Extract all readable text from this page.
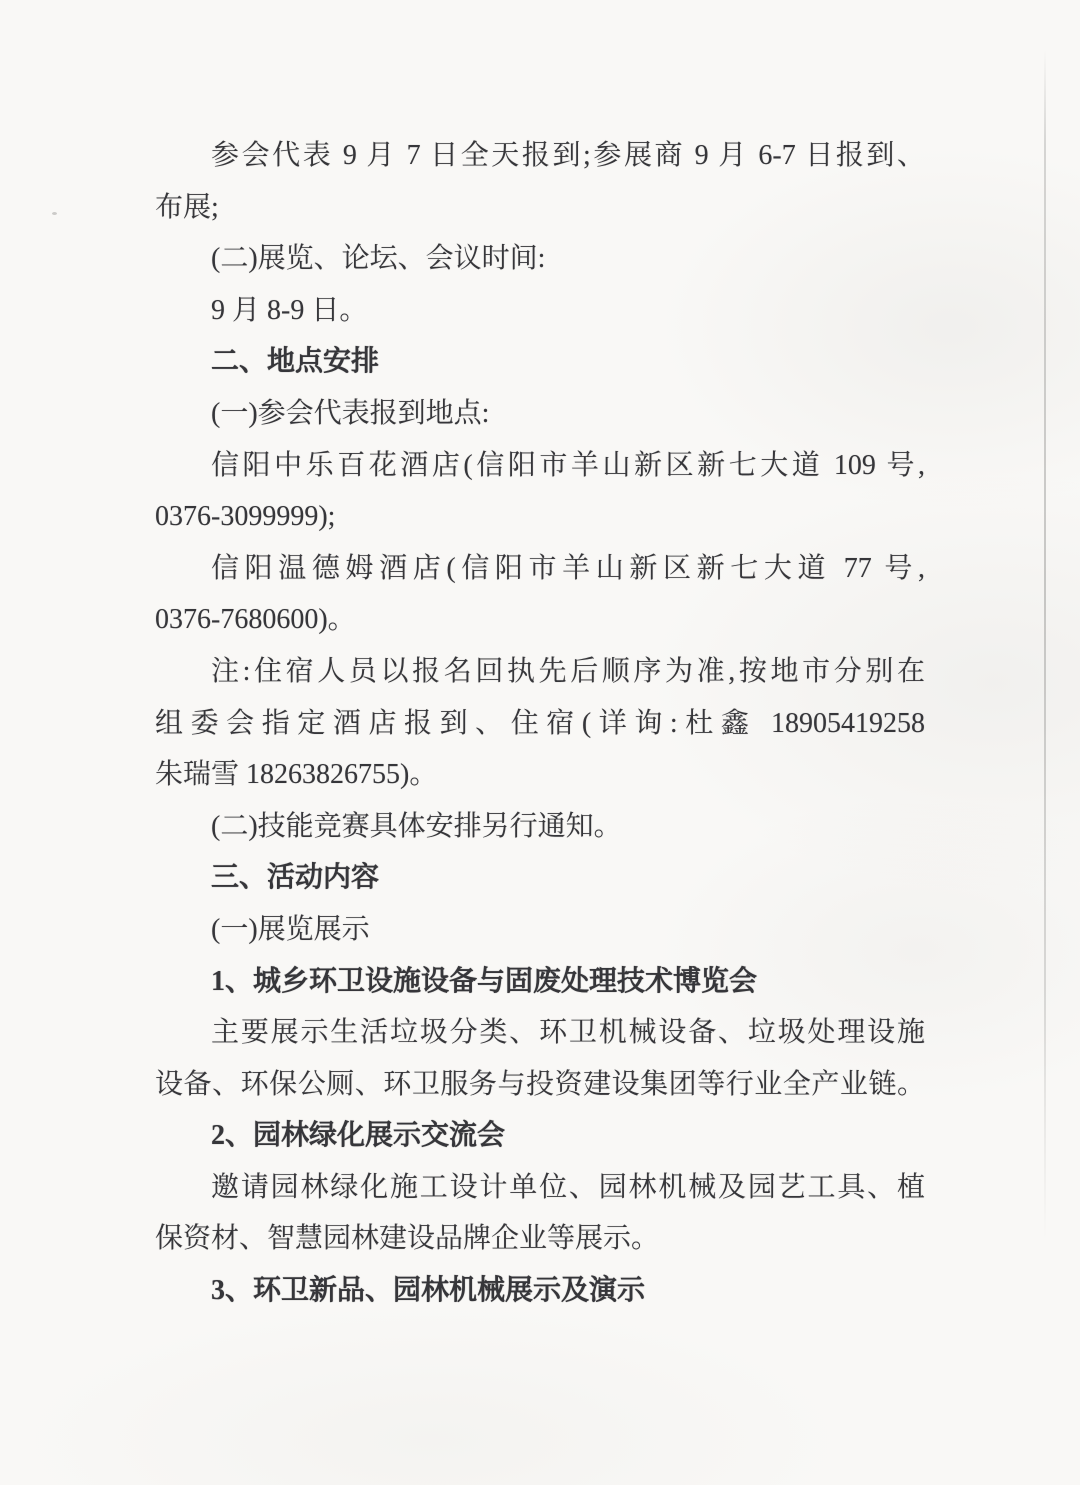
参会代表 9 月 7 日全天报到;参展商 9 月 6-7 日报到、
布展;
(二)展览、论坛、会议时间:
9 月 8-9 日。
二、地点安排
(一)参会代表报到地点:
信阳中乐百花酒店(信阳市羊山新区新七大道 109 号,
0376-3099999);
信阳温德姆酒店(信阳市羊山新区新七大道 77 号,
0376-7680600)。
注:住宿人员以报名回执先后顺序为准,按地市分别在
组委会指定酒店报到、住宿(详询:杜鑫 18905419258
朱瑞雪 18263826755)。
(二)技能竞赛具体安排另行通知。
三、活动内容
(一)展览展示
1、城乡环卫设施设备与固废处理技术博览会
主要展示生活垃圾分类、环卫机械设备、垃圾处理设施
设备、环保公厕、环卫服务与投资建设集团等行业全产业链。
2、园林绿化展示交流会
邀请园林绿化施工设计单位、园林机械及园艺工具、植
保资材、智慧园林建设品牌企业等展示。
3、环卫新品、园林机械展示及演示
